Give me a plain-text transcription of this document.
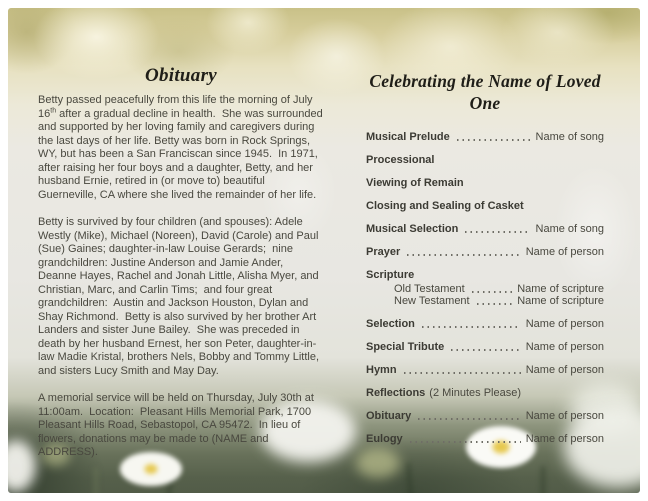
Obituary

Betty passed peacefully from this life the morning of July 16th after a gradual decline in health.  She was surrounded and supported by her loving family and caregivers during the last days of her life. Betty was born in Rock Springs, WY, but has been a San Franciscan since 1945.  In 1971, after raising her four boys and a daughter, Betty, and her husband Ernie, retired in (or move to) beautiful Guerneville, CA where she lived the remainder of her life.

Betty is survived by four children (and spouses): Adele Westly (Mike), Michael (Noreen), David (Carole) and Paul (Sue) Gaines; daughter-in-law Louise Gerards;  nine grandchildren: Justine Anderson and Jamie Ander, Deanne Hayes, Rachel and Jonah Little, Alisha Myer, and Christian, Marc, and Carlin Tims;  and four great grandchildren:  Austin and Jackson Houston, Dylan and Shay Richmond.  Betty is also survived by her brother Art Landers and sister June Bailey.  She was preceded in death by her husband Ernest, her son Peter, daughter-in-law Madie Kristal, brothers Nels, Bobby and Tommy Little, and sisters Lucy Smith and May Day.

A memorial service will be held on Thursday, July 30th at 11:00am.  Location:  Pleasant Hills Memorial Park, 1700 Pleasant Hills Road, Sebastopol, CA 95472.  In lieu of flowers, donations may be made to (NAME and ADDRESS).

Celebrating the Name of Loved One
Musical Prelude	Name of song
Processional
Viewing of Remain
Closing and Sealing of Casket
Musical Selection	Name of song
Prayer	Name of person
Scripture
Old Testament	Name of scripture
New Testament	Name of scripture
Selection	Name of person
Special Tribute	Name of person
Hymn	Name of person
Reflections (2 Minutes Please)
Obituary	Name of person
Eulogy	Name of person
